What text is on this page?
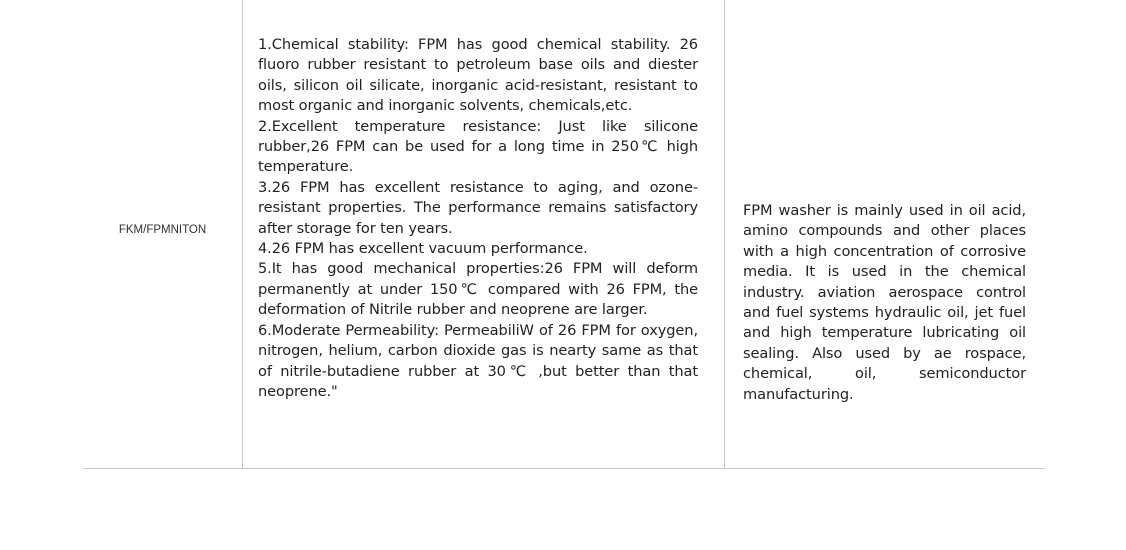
FKM/FPMNITON

1.Chemical stability: FPM has good chemical stability. 26 fluoro rubber resistant to petroleum base oils and diester oils, silicon oil silicate, inorganic acid-resistant, resistant to most organic and inorganic solvents, chemicals,etc.

2.Excellent temperature resistance: Just like silicone rubber,26 FPM can be used for a long time in 250℃ high temperature.

3.26 FPM has excellent resistance to aging, and ozone-resistant properties. The performance remains satisfactory after storage for ten years.

4.26 FPM has excellent vacuum performance.

5.It has good mechanical properties:26 FPM will deform permanently at under 150℃ compared with 26 FPM, the deformation of Nitrile rubber and neoprene are larger.

6.Moderate Permeability: PermeabiliW of 26 FPM for oxygen, nitrogen, helium, carbon dioxide gas is nearty same as that of nitrile-butadiene rubber at 30℃ ,but better than that neoprene."

FPM washer is mainly used in oil acid, amino compounds and other places with a high concentration of corrosive media. It is used in the chemical industry. aviation aerospace control and fuel systems hydraulic oil, jet fuel and high temperature lubricating oil sealing. Also used by ae rospace, chemical, oil, semiconductor manufacturing.
